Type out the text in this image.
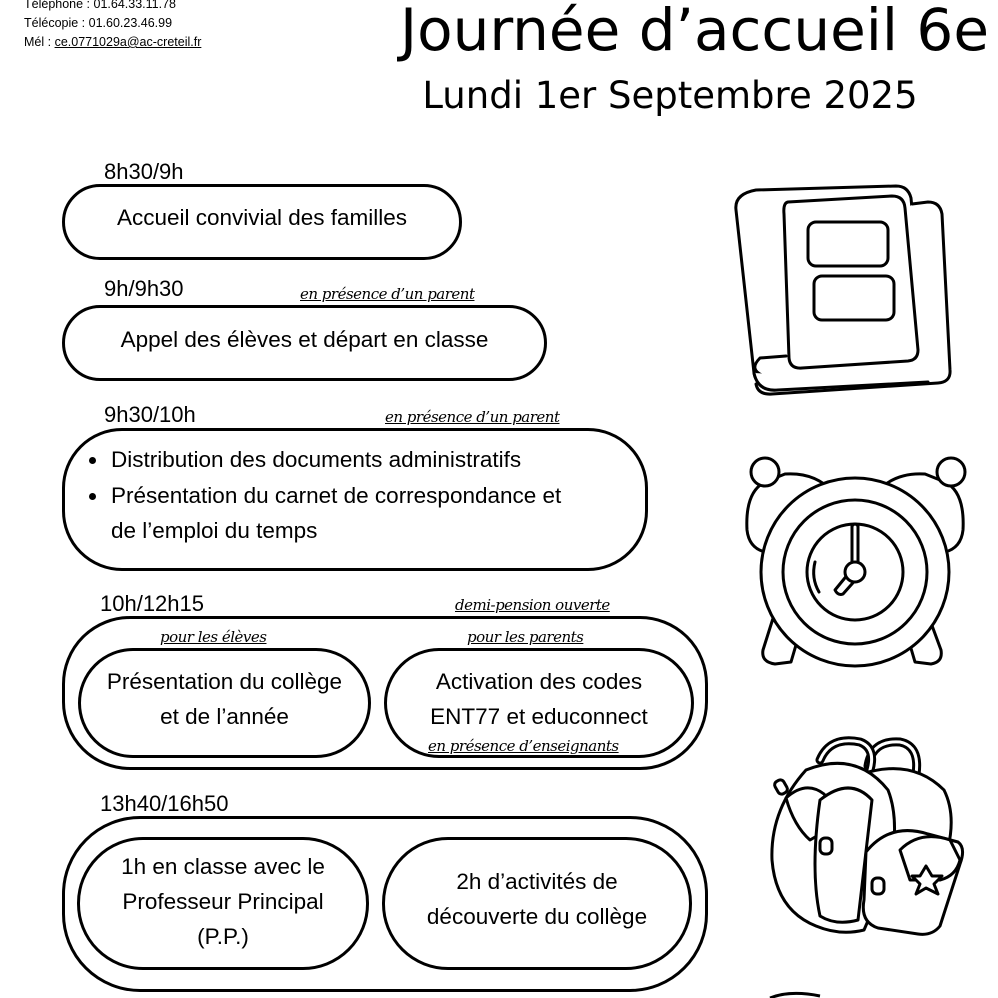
Téléphone : 01.64.33.11.78
Télécopie : 01.60.23.46.99
Mél : ce.0771029a@ac-creteil.fr	Journée d’accueil 6e
Lundi 1er Septembre 2025
8h30/9h
Accueil convivial des familles
9h/9h30	en présence d’un parent
Appel des élèves et départ en classe
9h30/10h	en présence d’un parent
• Distribution des documents administratifs
• Présentation du carnet de correspondance et de l’emploi du temps
10h/12h15	demi-pension ouverte
pour les élèves	pour les parents
Présentation du collège et de l’année
Activation des codes ENT77 et educonnect
en présence d’enseignants
13h40/16h50
1h en classe avec le Professeur Principal (P.P.)
2h d’activités de découverte du collège
